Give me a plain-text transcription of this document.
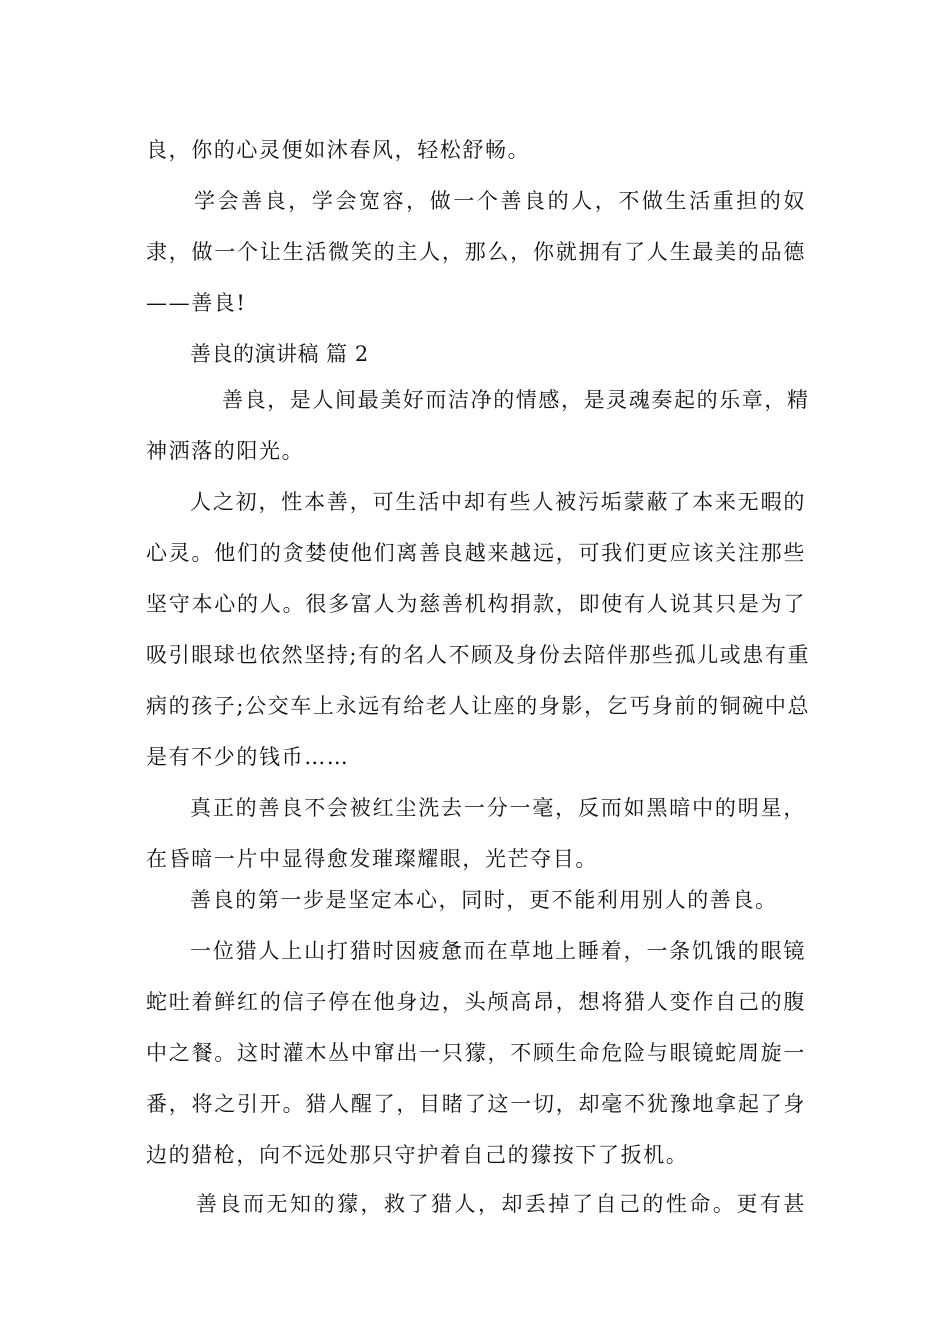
良，你的心灵便如沐春风，轻松舒畅。
学会善良，学会宽容，做一个善良的人，不做生活重担的奴
隶，做一个让生活微笑的主人，那么，你就拥有了人生最美的品德
——善良!
善良的演讲稿 篇 2
善良，是人间最美好而洁净的情感，是灵魂奏起的乐章，精
神洒落的阳光。
人之初，性本善，可生活中却有些人被污垢蒙蔽了本来无暇的
心灵。他们的贪婪使他们离善良越来越远，可我们更应该关注那些
坚守本心的人。很多富人为慈善机构捐款，即使有人说其只是为了
吸引眼球也依然坚持;有的名人不顾及身份去陪伴那些孤儿或患有重
病的孩子;公交车上永远有给老人让座的身影，乞丐身前的铜碗中总
是有不少的钱币……
真正的善良不会被红尘洗去一分一毫，反而如黑暗中的明星，
在昏暗一片中显得愈发璀璨耀眼，光芒夺目。
善良的第一步是坚定本心，同时，更不能利用别人的善良。
一位猎人上山打猎时因疲惫而在草地上睡着，一条饥饿的眼镜
蛇吐着鲜红的信子停在他身边，头颅高昂，想将猎人变作自己的腹
中之餐。这时灌木丛中窜出一只獴，不顾生命危险与眼镜蛇周旋一
番，将之引开。猎人醒了，目睹了这一切，却毫不犹豫地拿起了身
边的猎枪，向不远处那只守护着自己的獴按下了扳机。
善良而无知的獴，救了猎人，却丢掉了自己的性命。更有甚
